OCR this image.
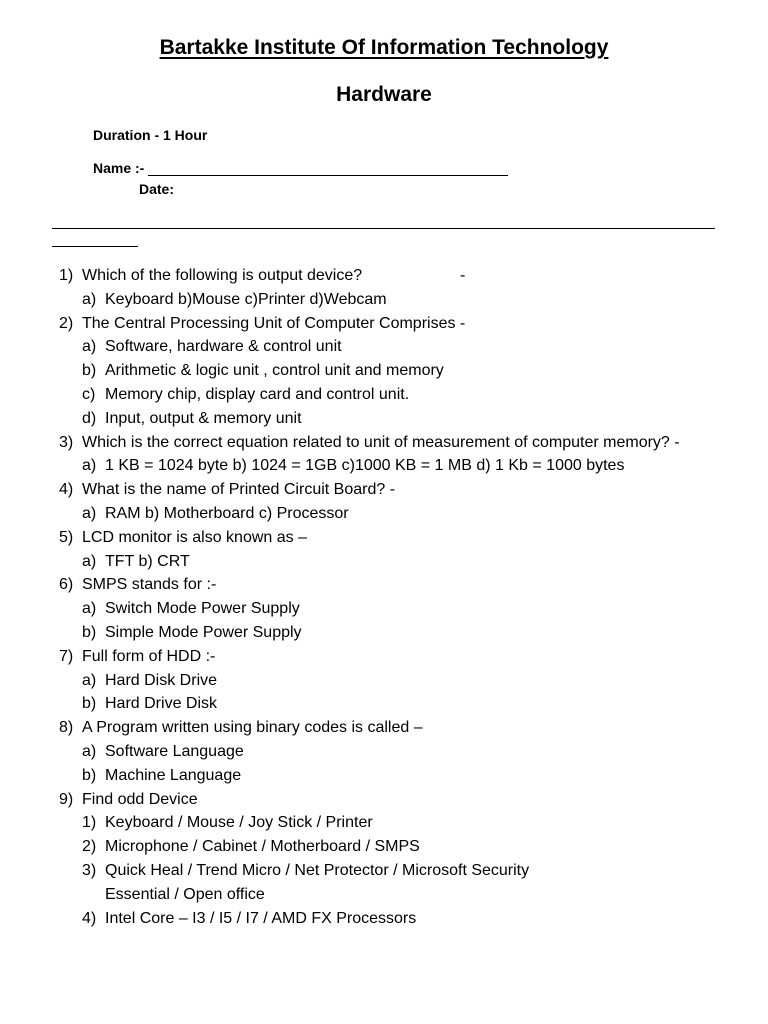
Bartakke Institute Of Information Technology
Hardware
Duration - 1 Hour
Name :-
Date:
1) Which of the following is output device?	-
a) Keyboard b)Mouse c)Printer d)Webcam
2) The Central Processing Unit of Computer Comprises -
a) Software, hardware & control unit
b) Arithmetic & logic unit , control unit and memory
c) Memory chip, display card and control unit.
d) Input, output & memory unit
3) Which is the correct equation related to unit of measurement of computer memory? -
a) 1 KB = 1024 byte b) 1024 = 1GB c)1000 KB = 1 MB d) 1 Kb = 1000 bytes
4) What is the name of Printed Circuit Board? -
a) RAM b) Motherboard c) Processor
5) LCD monitor is also known as –
a) TFT b) CRT
6) SMPS stands for :-
a) Switch Mode Power Supply
b) Simple Mode Power Supply
7) Full form of HDD :-
a) Hard Disk Drive
b) Hard Drive Disk
8) A Program written using binary codes is called –
a) Software Language
b) Machine Language
9) Find odd Device
1) Keyboard / Mouse / Joy Stick / Printer
2) Microphone / Cabinet / Motherboard / SMPS
3) Quick Heal / Trend Micro / Net Protector / Microsoft Security
Essential / Open office
4) Intel Core – I3 / I5 / I7 / AMD FX Processors
